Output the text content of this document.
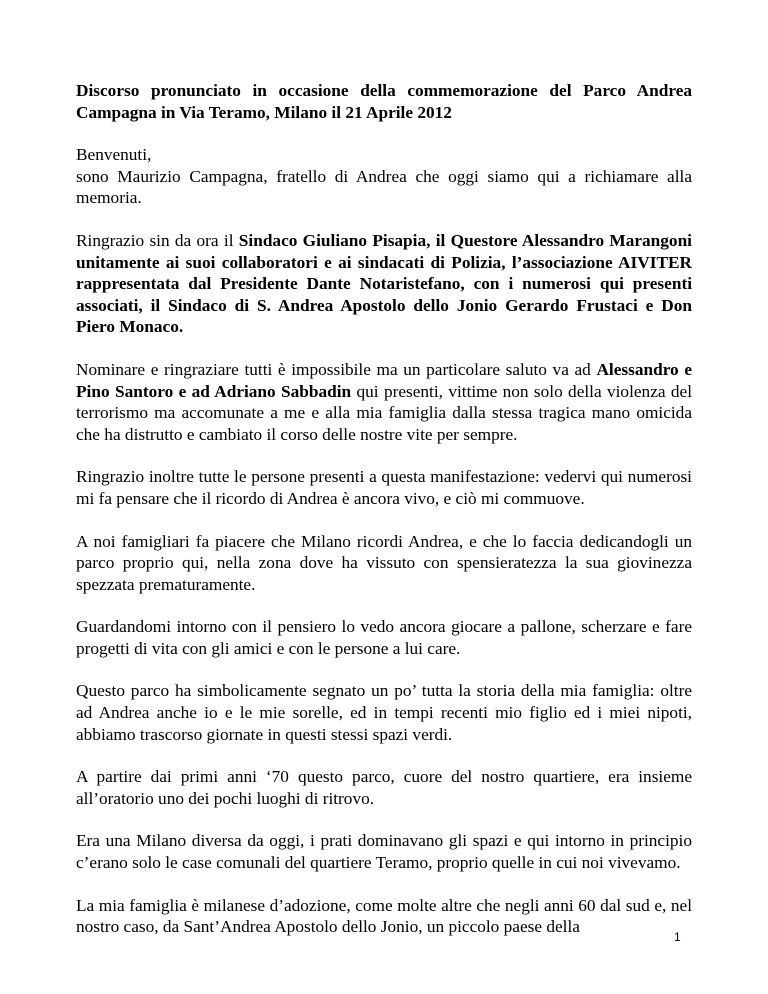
Discorso pronunciato in occasione della commemorazione del Parco Andrea Campagna in Via Teramo, Milano il 21 Aprile 2012

Benvenuti,
sono Maurizio Campagna, fratello di Andrea che oggi siamo qui a richiamare alla memoria.

Ringrazio sin da ora il Sindaco Giuliano Pisapia, il Questore Alessandro Marangoni unitamente ai suoi collaboratori e ai sindacati di Polizia, l’associazione AIVITER rappresentata dal Presidente Dante Notaristefano, con i numerosi qui presenti associati, il Sindaco di S. Andrea Apostolo dello Jonio Gerardo Frustaci e Don Piero Monaco.

Nominare e ringraziare tutti è impossibile ma un particolare saluto va ad Alessandro e Pino Santoro e ad Adriano Sabbadin qui presenti, vittime non solo della violenza del terrorismo ma accomunate a me e alla mia famiglia dalla stessa tragica mano omicida che ha distrutto e cambiato il corso delle nostre vite per sempre.

Ringrazio inoltre tutte le persone presenti a questa manifestazione: vedervi qui numerosi mi fa pensare che il ricordo di Andrea è ancora vivo, e ciò mi commuove.

A noi famigliari fa piacere che Milano ricordi Andrea, e che lo faccia dedicandogli un parco proprio qui, nella zona dove ha vissuto con spensieratezza la sua giovinezza spezzata prematuramente.

Guardandomi intorno con il pensiero lo vedo ancora giocare a pallone, scherzare e fare progetti di vita con gli amici e con le persone a lui care.

Questo parco ha simbolicamente segnato un po’ tutta la storia della mia famiglia: oltre ad Andrea anche io e le mie sorelle, ed in tempi recenti mio figlio ed i miei nipoti, abbiamo trascorso giornate in questi stessi spazi verdi.

A partire dai primi anni ‘70 questo parco, cuore del nostro quartiere, era insieme all’oratorio uno dei pochi luoghi di ritrovo.

Era una Milano diversa da oggi, i prati dominavano gli spazi e qui intorno in principio c’erano solo le case comunali del quartiere Teramo, proprio quelle in cui noi vivevamo.

La mia famiglia è milanese d’adozione, come molte altre che negli anni 60 dal sud e, nel nostro caso, da Sant’Andrea Apostolo dello Jonio, un piccolo paese della

1
